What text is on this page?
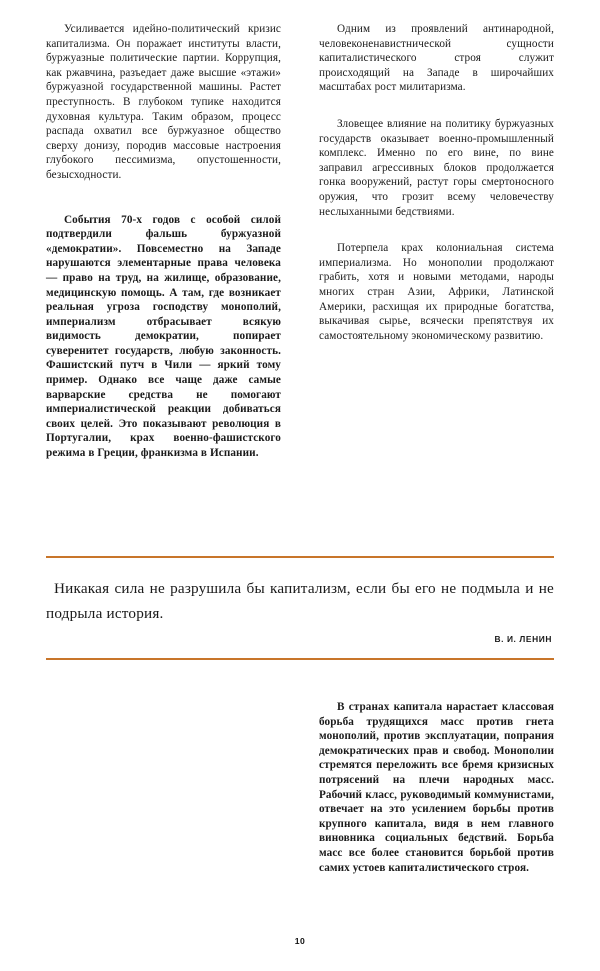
Усиливается идейно-политический кризис капитализма. Он поражает институты власти, буржуазные политические партии. Коррупция, как ржавчина, разъедает даже высшие «этажи» буржуазной государственной машины. Растет преступность. В глубоком тупике находится духовная культура. Таким образом, процесс распада охватил все буржуазное общество сверху донизу, породив массовые настроения глубокого пессимизма, опустошенности, безысходности.

События 70-х годов с особой силой подтвердили фальшь буржуазной «демократии». Повсеместно на Западе нарушаются элементарные права человека — право на труд, на жилище, образование, медицинскую помощь. А там, где возникает реальная угроза господству монополий, империализм отбрасывает всякую видимость демократии, попирает суверенитет государств, любую законность. Фашистский путч в Чили — яркий тому пример. Однако все чаще даже самые варварские средства не помогают империалистической реакции добиваться своих целей. Это показывают революция в Португалии, крах военно-фашистского режима в Греции, франкизма в Испании.

Одним из проявлений антинародной, человеконенавистнической сущности капиталистического строя служит происходящий на Западе в широчайших масштабах рост милитаризма.

Зловещее влияние на политику буржуазных государств оказывает военно-промышленный комплекс. Именно по его вине, по вине заправил агрессивных блоков продолжается гонка вооружений, растут горы смертоносного оружия, что грозит всему человечеству неслыханными бедствиями.

Потерпела крах колониальная система империализма. Но монополии продолжают грабить, хотя и новыми методами, народы многих стран Азии, Африки, Латинской Америки, расхищая их природные богатства, выкачивая сырье, всячески препятствуя их самостоятельному экономическому развитию.

Никакая сила не разрушила бы капитализм, если бы его не подмыла и не подрыла история.

В. И. ЛЕНИН

В странах капитала нарастает классовая борьба трудящихся масс против гнета монополий, против эксплуатации, попрания демократических прав и свобод. Монополии стремятся переложить все бремя кризисных потрясений на плечи народных масс. Рабочий класс, руководимый коммунистами, отвечает на это усилением борьбы против крупного капитала, видя в нем главного виновника социальных бедствий. Борьба масс все более становится борьбой против самих устоев капиталистического строя.

10
